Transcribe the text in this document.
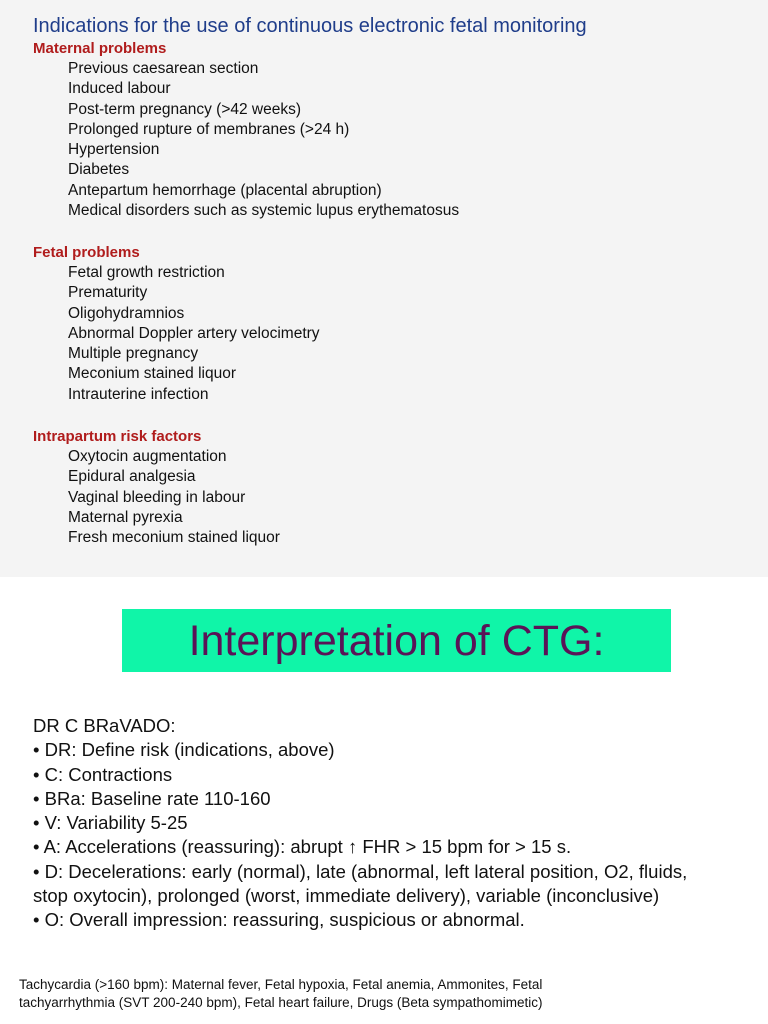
Indications for the use of continuous electronic fetal monitoring
Maternal problems
Previous caesarean section
Induced labour
Post-term pregnancy (>42 weeks)
Prolonged rupture of membranes (>24 h)
Hypertension
Diabetes
Antepartum hemorrhage (placental abruption)
Medical disorders such as systemic lupus erythematosus
Fetal problems
Fetal growth restriction
Prematurity
Oligohydramnios
Abnormal Doppler artery velocimetry
Multiple pregnancy
Meconium stained liquor
Intrauterine infection
Intrapartum risk factors
Oxytocin augmentation
Epidural analgesia
Vaginal bleeding in labour
Maternal pyrexia
Fresh meconium stained liquor
Interpretation of CTG:
DR C BRaVADO:
• DR: Define risk (indications, above)
• C: Contractions
• BRa: Baseline rate 110-160
• V: Variability 5-25
• A: Accelerations (reassuring): abrupt ↑ FHR > 15 bpm for > 15 s.
• D: Decelerations: early (normal), late (abnormal, left lateral position, O2, fluids,
stop oxytocin), prolonged (worst, immediate delivery), variable (inconclusive)
• O: Overall impression: reassuring, suspicious or abnormal.
Tachycardia (>160 bpm): Maternal fever, Fetal hypoxia, Fetal anemia, Ammonites, Fetal
tachyarrhythmia (SVT 200-240 bpm), Fetal heart failure, Drugs (Beta sympathomimetic)
